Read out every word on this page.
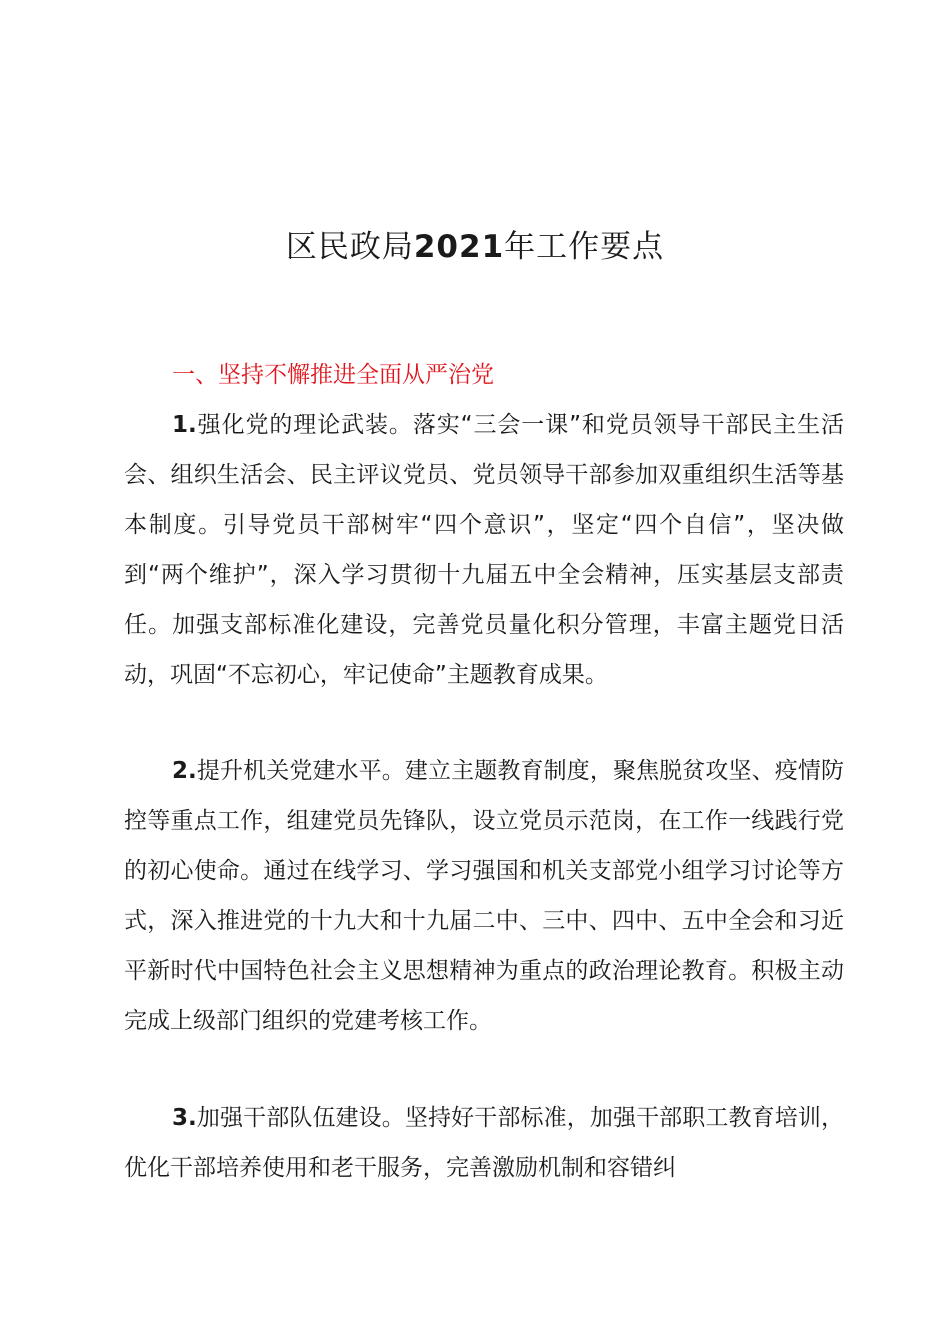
区民政局2021年工作要点
一、坚持不懈推进全面从严治党

1.强化党的理论武装。落实“三会一课”和党员领导干部民主生活会、组织生活会、民主评议党员、党员领导干部参加双重组织生活等基本制度。引导党员干部树牢“四个意识”，坚定“四个自信”，坚决做到“两个维护”，深入学习贯彻十九届五中全会精神，压实基层支部责任。加强支部标准化建设，完善党员量化积分管理，丰富主题党日活动，巩固“不忘初心，牢记使命”主题教育成果。

2.提升机关党建水平。建立主题教育制度，聚焦脱贫攻坚、疫情防控等重点工作，组建党员先锋队，设立党员示范岗，在工作一线践行党的初心使命。通过在线学习、学习强国和机关支部党小组学习讨论等方式，深入推进党的十九大和十九届二中、三中、四中、五中全会和习近平新时代中国特色社会主义思想精神为重点的政治理论教育。积极主动完成上级部门组织的党建考核工作。

3.加强干部队伍建设。坚持好干部标准，加强干部职工教育培训，优化干部培养使用和老干服务，完善激励机制和容错纠
